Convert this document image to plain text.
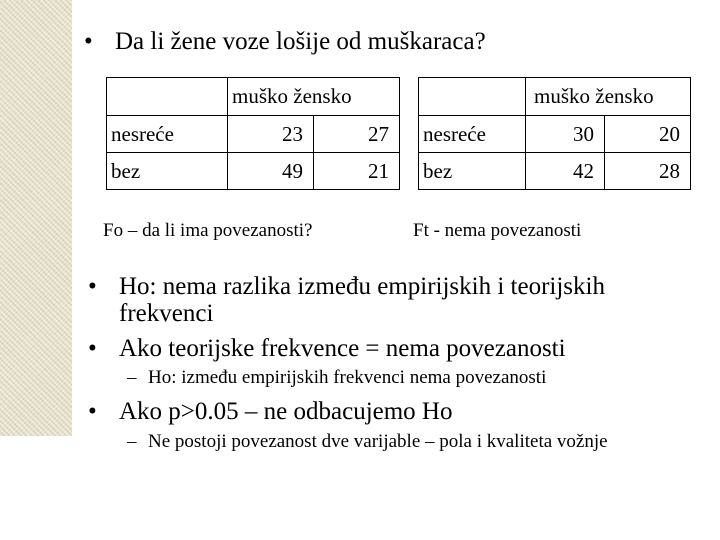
• Da li žene voze lošije od muškaraca?
	muško žensko	
nesreće	23	27
bez	49	21
	muško žensko	
nesreće	30	20
bez	42	28
Fo – da li ima povezanosti?	Ft - nema povezanosti
• Ho: nema razlika između empirijskih i teorijskih frekvenci
• Ako teorijske frekvence = nema povezanosti
– Ho: između empirijskih frekvenci nema povezanosti
• Ako p>0.05 – ne odbacujemo Ho
– Ne postoji povezanost dve varijable – pola i kvaliteta vožnje
